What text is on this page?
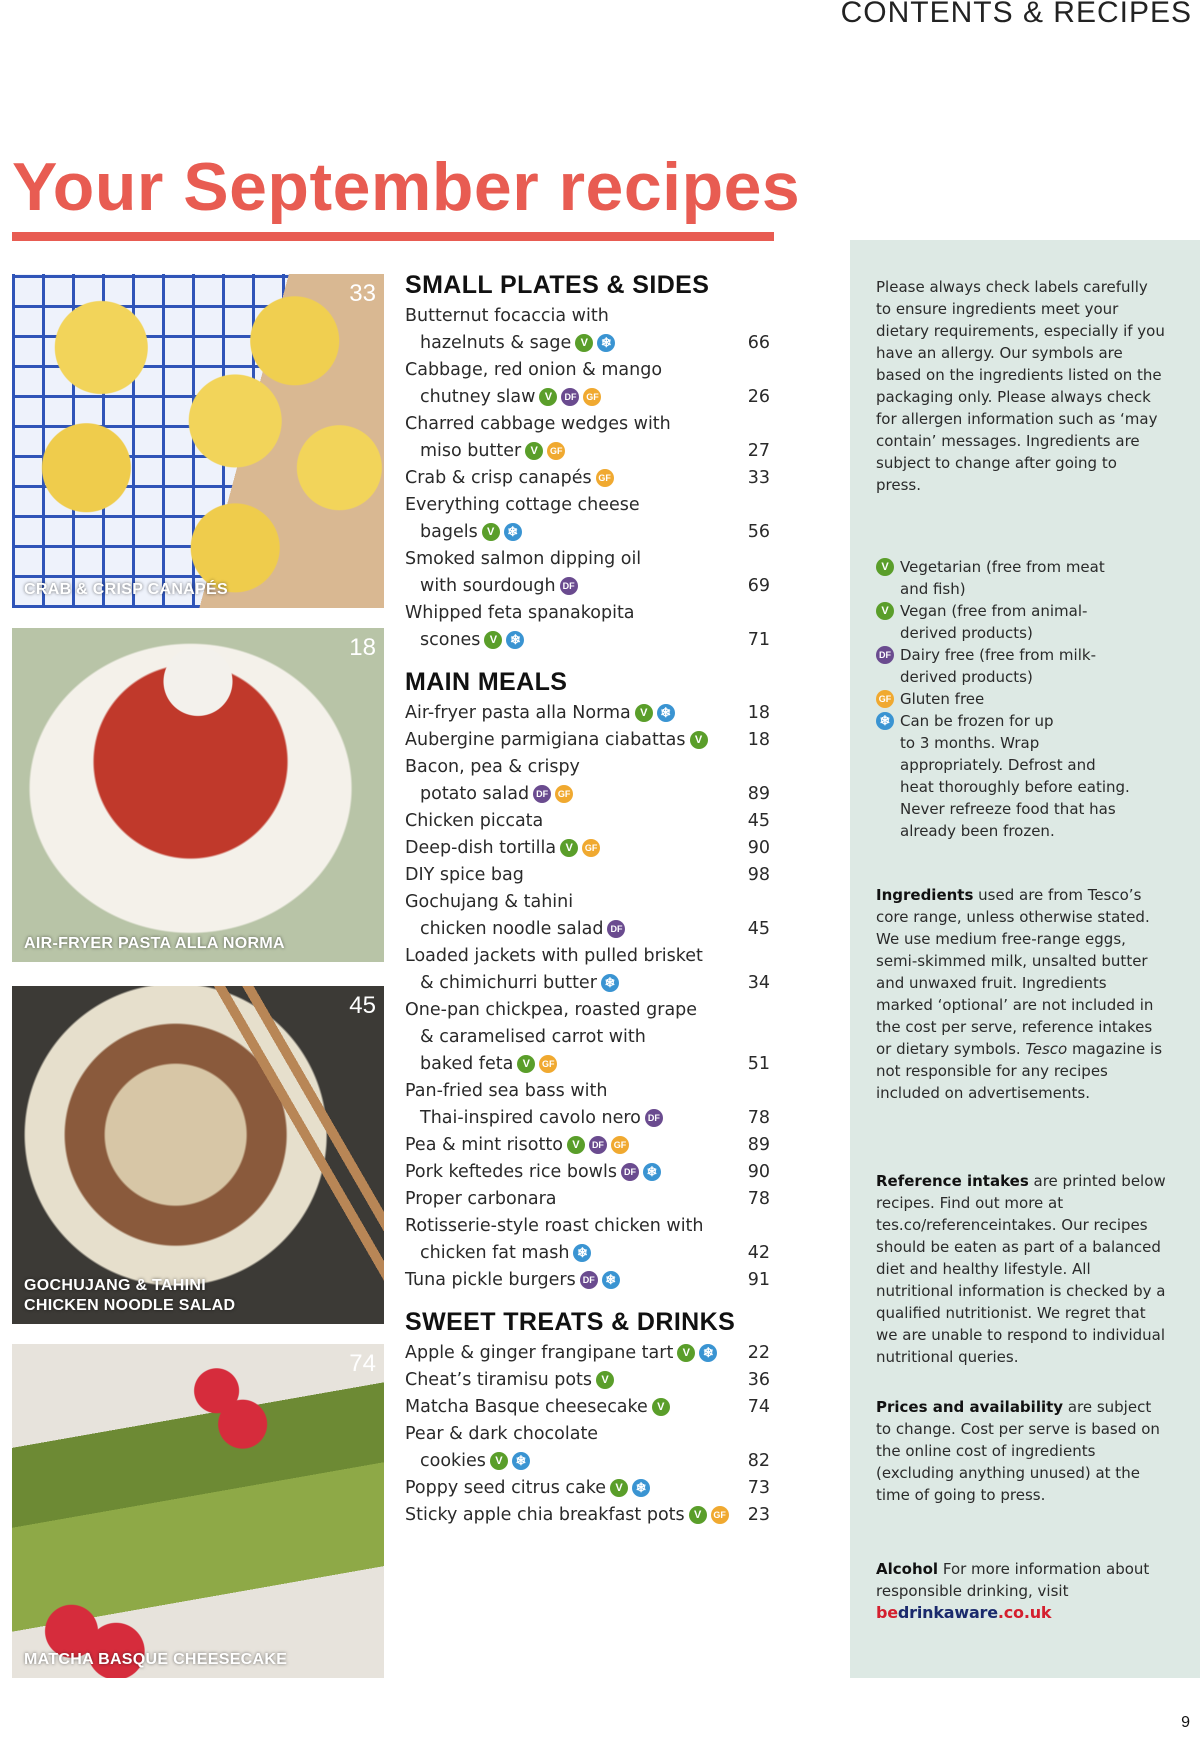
CONTENTS & RECIPES
Your September recipes
33
CRAB & CRISP CANAPÉS
18
AIR-FRYER PASTA ALLA NORMA
45
GOCHUJANG & TAHINI
CHICKEN NOODLE SALAD
74
MATCHA BASQUE CHEESECAKE
SMALL PLATES & SIDES
Butternut focaccia with
hazelnuts & sage V ❄	66
Cabbage, red onion & mango
chutney slaw V	DF	GF	26
Charred cabbage wedges with
miso butter V	GF	27
Crab & crisp canapés GF	33
Everything cottage cheese
bagels V ❄	56
Smoked salmon dipping oil
with sourdough DF	69
Whipped feta spanakopita
scones V ❄	71
MAIN MEALS
Air-fryer pasta alla Norma V ❄	18
Aubergine parmigiana ciabattas V	18
Bacon, pea & crispy
potato salad DF	GF	89
Chicken piccata	45
Deep-dish tortilla V	GF	90
DIY spice bag	98
Gochujang & tahini
chicken noodle salad DF	45
Loaded jackets with pulled brisket
& chimichurri butter ❄	34
One-pan chickpea, roasted grape
& caramelised carrot with
baked feta V	GF	51
Pan-fried sea bass with
Thai-inspired cavolo nero DF	78
Pea & mint risotto V	DF	GF	89
Pork keftedes rice bowls DF ❄	90
Proper carbonara	78
Rotisserie-style roast chicken with
chicken fat mash ❄	42
Tuna pickle burgers DF ❄	91
SWEET TREATS & DRINKS
Apple & ginger frangipane tart V ❄	22
Cheat’s tiramisu pots V	36
Matcha Basque cheesecake V	74
Pear & dark chocolate
cookies V ❄	82
Poppy seed citrus cake V ❄	73
Sticky apple chia breakfast pots V	GF	23
Please always check labels carefully to ensure ingredients meet your dietary requirements, especially if you have an allergy. Our symbols are based on the ingredients listed on the packaging only. Please always check for allergen information such as ‘may contain’ messages. Ingredients are subject to change after going to press.
V Vegetarian (free from meat
and fish)
V Vegan (free from animal-
derived products)
DF Dairy free (free from milk-
derived products)
GF Gluten free
❄ Can be frozen for up
to 3 months. Wrap
appropriately. Defrost and
heat thoroughly before eating.
Never refreeze food that has
already been frozen.
Ingredients used are from Tesco’s core range, unless otherwise stated. We use medium free-range eggs, semi-skimmed milk, unsalted butter and unwaxed fruit. Ingredients marked ‘optional’ are not included in the cost per serve, reference intakes or dietary symbols. Tesco magazine is not responsible for any recipes included on advertisements.
Reference intakes are printed below recipes. Find out more at tes.co/referenceintakes. Our recipes should be eaten as part of a balanced diet and healthy lifestyle. All nutritional information is checked by a qualified nutritionist. We regret that we are unable to respond to individual nutritional queries.
Prices and availability are subject to change. Cost per serve is based on the online cost of ingredients (excluding anything unused) at the time of going to press.
Alcohol For more information about responsible drinking, visit
bedrinkaware.co.uk
9
